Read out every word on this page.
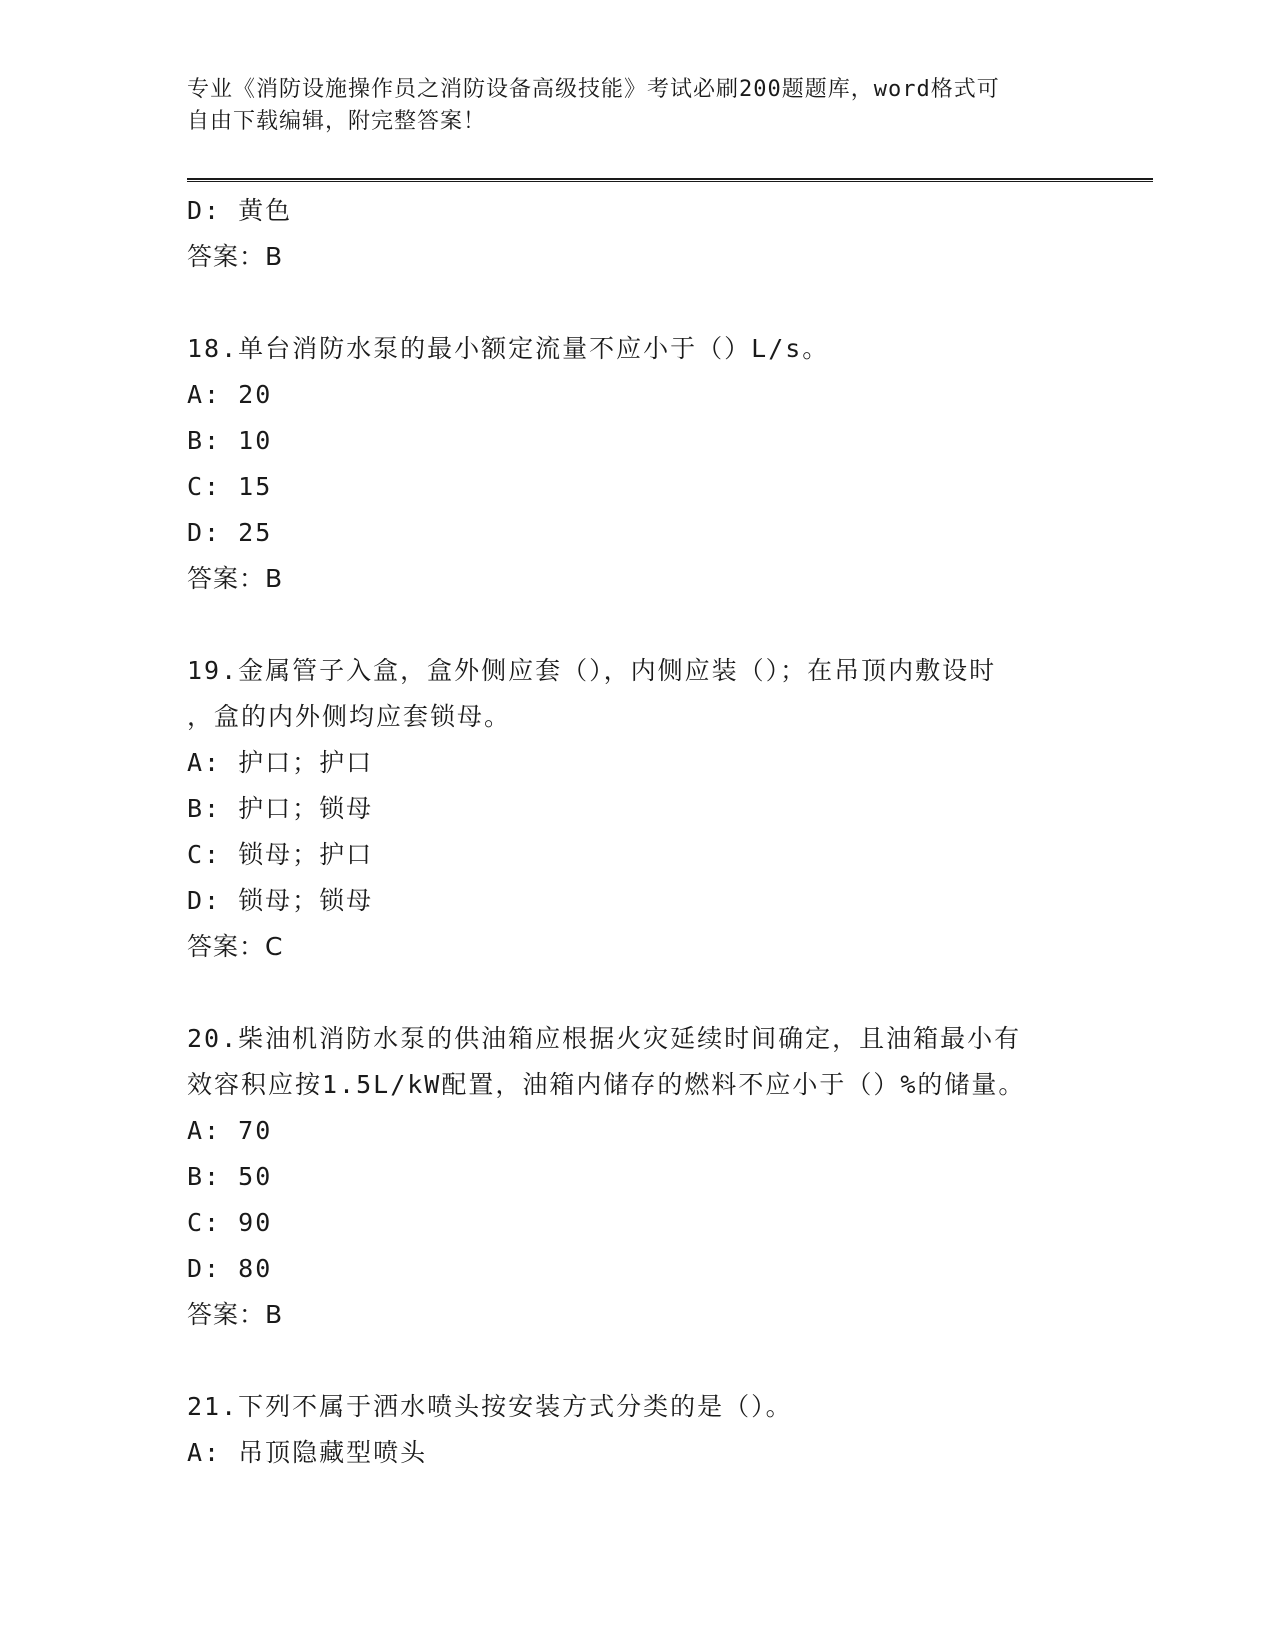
专业《消防设施操作员之消防设备高级技能》考试必刷200题题库，word格式可
自由下载编辑，附完整答案！
D: 黄色
答案：B
18.单台消防水泵的最小额定流量不应小于（）L/s。
A: 20
B: 10
C: 15
D: 25
答案：B
19.金属管子入盒，盒外侧应套（），内侧应装（）；在吊顶内敷设时
，盒的内外侧均应套锁母。
A: 护口；护口
B: 护口；锁母
C: 锁母；护口
D: 锁母；锁母
答案：C
20.柴油机消防水泵的供油箱应根据火灾延续时间确定，且油箱最小有
效容积应按1.5L/kW配置，油箱内储存的燃料不应小于（）%的储量。
A: 70
B: 50
C: 90
D: 80
答案：B
21.下列不属于洒水喷头按安装方式分类的是（）。
A: 吊顶隐藏型喷头
